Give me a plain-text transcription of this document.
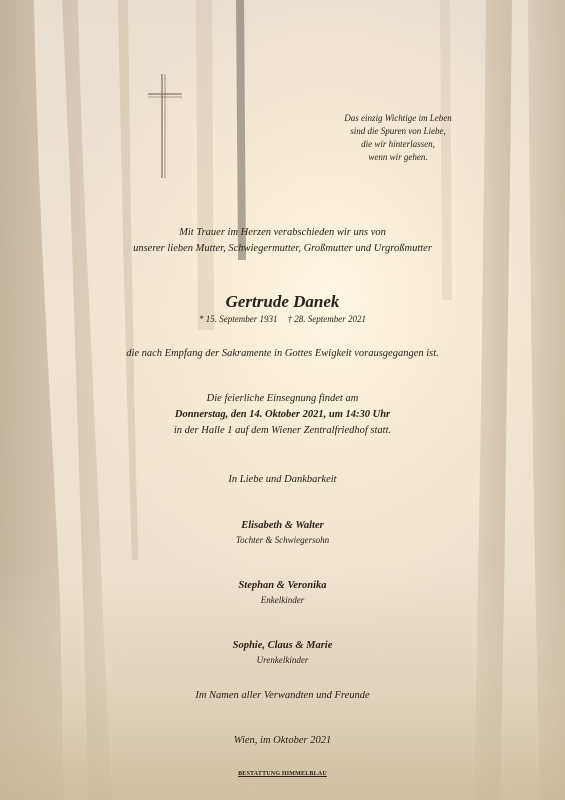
Das einzig Wichtige im Leben
sind die Spuren von Liebe,
die wir hinterlassen,
wenn wir gehen.
Mit Trauer im Herzen verabschieden wir uns von
unserer lieben Mutter, Schwiegermutter, Großmutter und Urgroßmutter
Gertrude Danek
* 15. September 1931 † 28. September 2021
die nach Empfang der Sakramente in Gottes Ewigkeit vorausgegangen ist.
Die feierliche Einsegnung findet am
Donnerstag, den 14. Oktober 2021, um 14:30 Uhr
in der Halle 1 auf dem Wiener Zentralfriedhof statt.
In Liebe und Dankbarkeit
Elisabeth & Walter
Tochter & Schwiegersohn
Stephan & Veronika
Enkelkinder
Sophie, Claus & Marie
Urenkelkinder
Im Namen aller Verwandten und Freunde
Wien, im Oktober 2021
BESTATTUNG HIMMELBLAU
